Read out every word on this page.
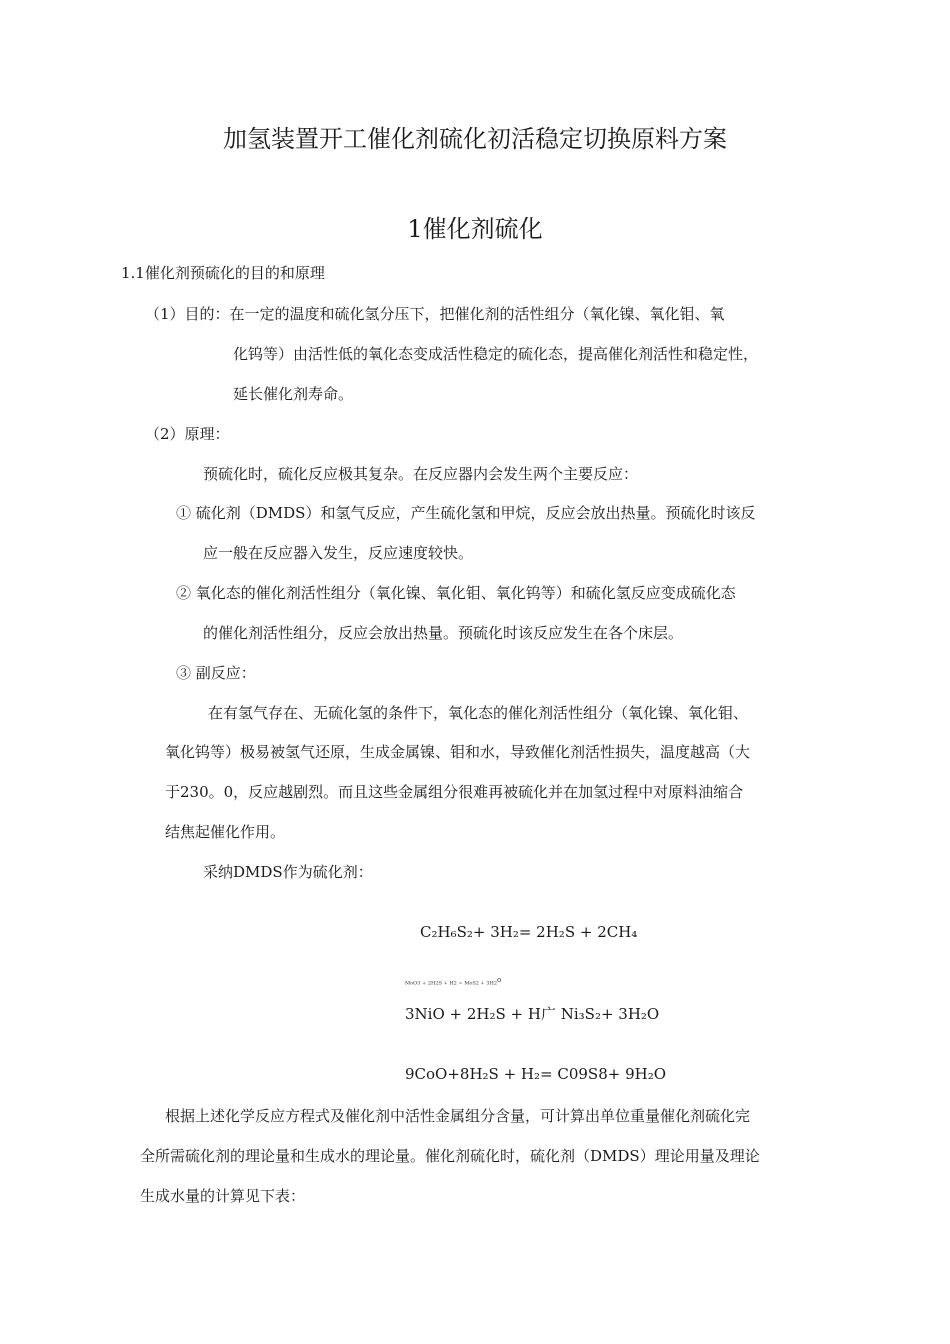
加氢装置开工催化剂硫化初活稳定切换原料方案
1催化剂硫化
1.1催化剂预硫化的目的和原理
（1）目的：在一定的温度和硫化氢分压下，把催化剂的活性组分（氧化镍、氧化钼、氧
化钨等）由活性低的氧化态变成活性稳定的硫化态，提高催化剂活性和稳定性，
延长催化剂寿命。
（2）原理：
预硫化时，硫化反应极其复杂。在反应器内会发生两个主要反应：
① 硫化剂（DMDS）和氢气反应，产生硫化氢和甲烷，反应会放出热量。预硫化时该反
应一般在反应器入发生，反应速度较快。
② 氧化态的催化剂活性组分（氧化镍、氧化钼、氧化钨等）和硫化氢反应变成硫化态
的催化剂活性组分，反应会放出热量。预硫化时该反应发生在各个床层。
③ 副反应：
在有氢气存在、无硫化氢的条件下，氧化态的催化剂活性组分（氧化镍、氧化钼、
氧化钨等）极易被氢气还原，生成金属镍、钼和水，导致催化剂活性损失，温度越高（大
于230。0，反应越剧烈。而且这些金属组分很难再被硫化并在加氢过程中对原料油缩合
结焦起催化作用。
采纳DMDS作为硫化剂：
C₂H₆S₂+ 3H₂= 2H₂S + 2CH₄
$MoO3 + 2H2S + H2 = MoS2 + 3H2^o$
3NiO + 2H₂S + H广 Ni₃S₂+ 3H₂O
9CoO+8H₂S + H₂= C09S8+ 9H₂O
根据上述化学反应方程式及催化剂中活性金属组分含量，可计算出单位重量催化剂硫化完
全所需硫化剂的理论量和生成水的理论量。催化剂硫化时，硫化剂（DMDS）理论用量及理论
生成水量的计算见下表：
